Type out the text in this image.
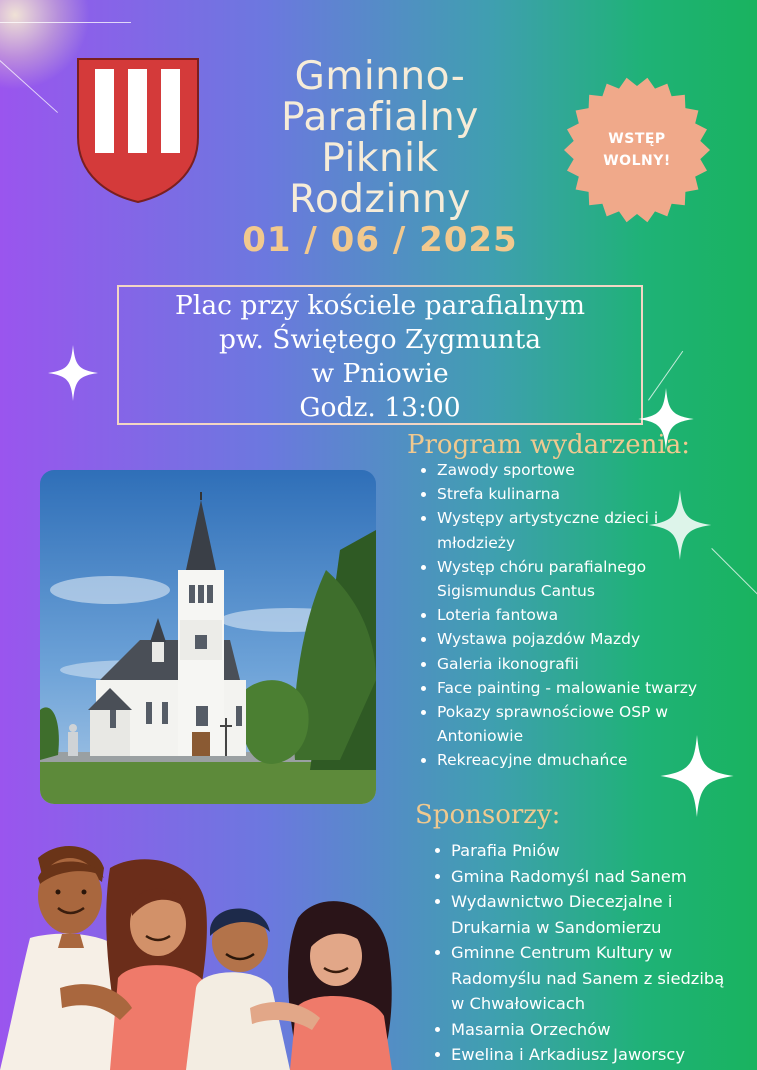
Gminno-
Parafialny
Piknik
Rodzinny
01 / 06 / 2025
WSTĘP
WOLNY!
Plac przy kościele parafialnym
pw. Świętego Zygmunta
w Pniowie
Godz. 13:00
Program wydarzenia:
Zawody sportowe
Strefa kulinarna
Występy artystyczne dzieci i młodzieży
Występ chóru parafialnego Sigismundus Cantus
Loteria fantowa
Wystawa pojazdów Mazdy
Galeria ikonografii
Face painting - malowanie twarzy
Pokazy sprawnościowe OSP w Antoniowie
Rekreacyjne dmuchańce
Sponsorzy:
Parafia Pniów
Gmina Radomyśl nad Sanem
Wydawnictwo Diecezjalne i Drukarnia w Sandomierzu
Gminne Centrum Kultury w Radomyślu nad Sanem z siedzibą w Chwałowicach
Masarnia Orzechów
Ewelina i Arkadiusz Jaworscy
